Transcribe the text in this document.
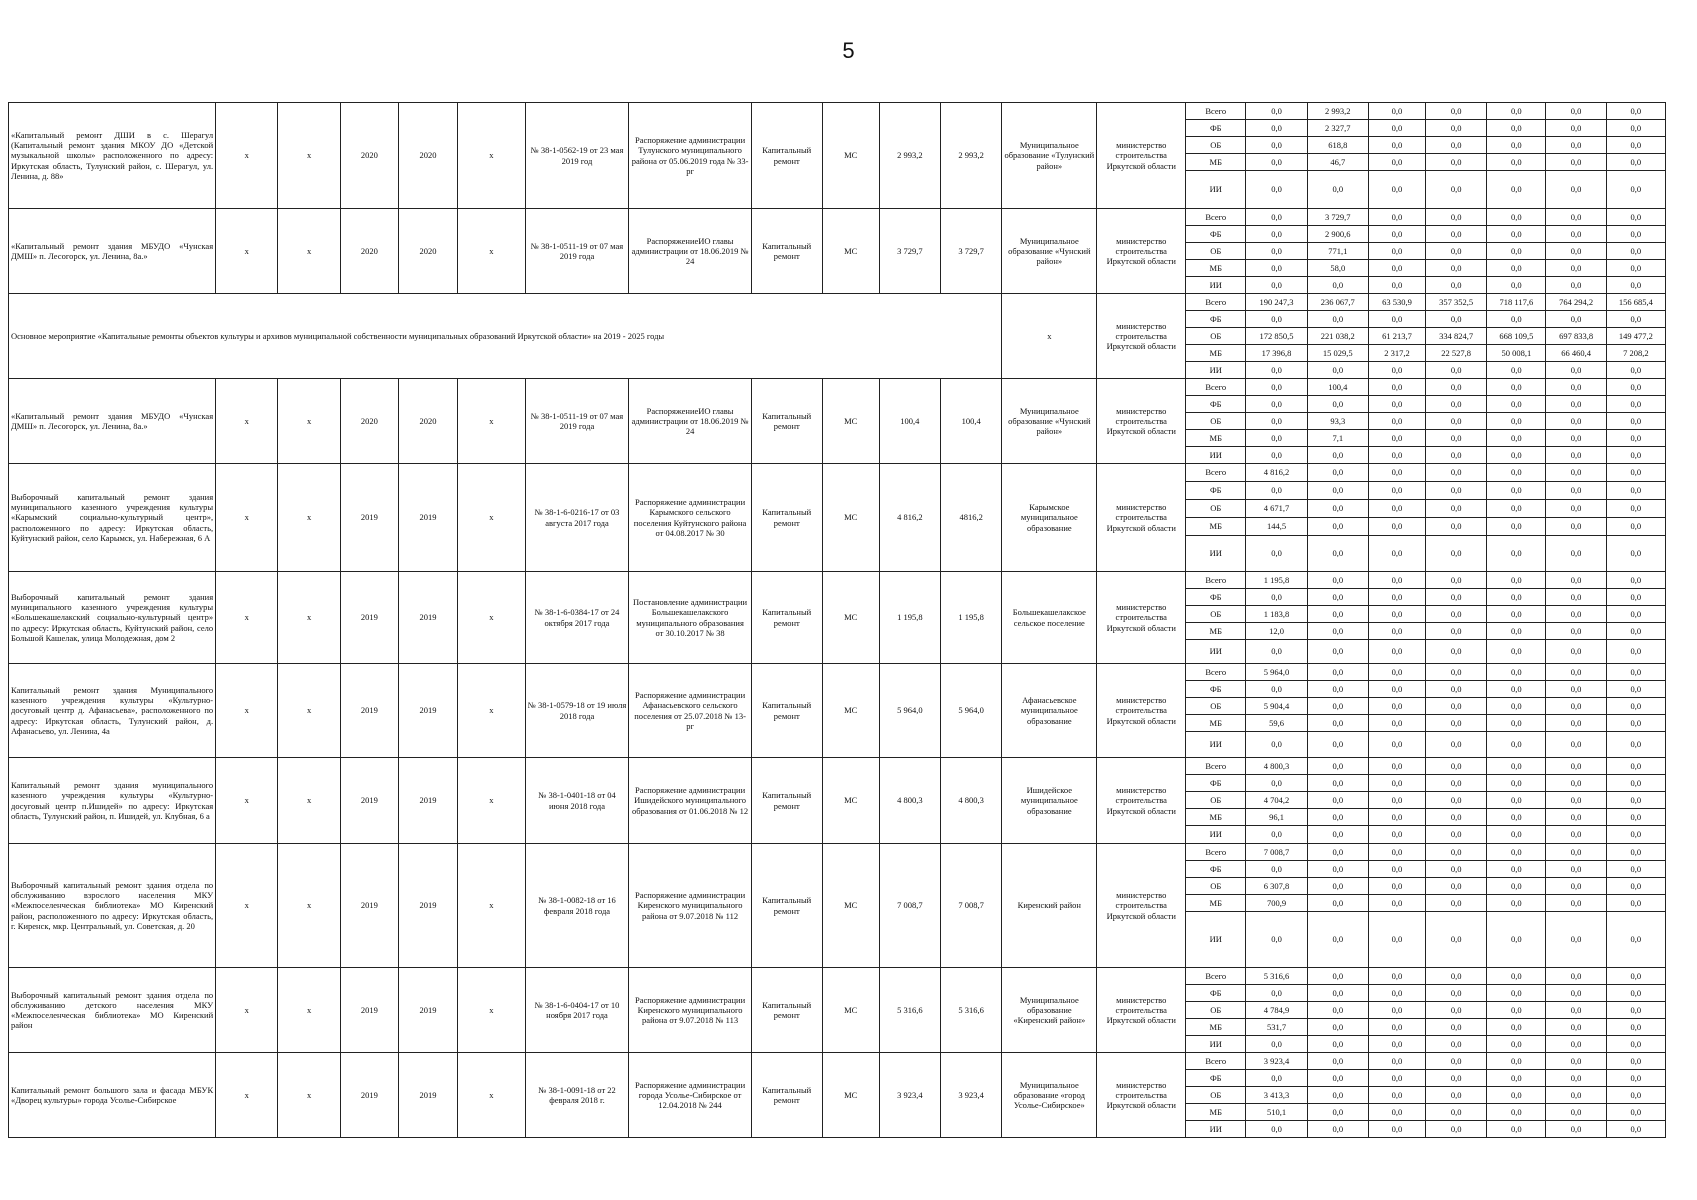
5
«Капитальный ремонт ДШИ в с. Шерагул (Капитальный ремонт здания МКОУ ДО «Детской музыкальной школы» расположенного по адресу: Иркутская область, Тулунский район, с. Шерагул, ул. Ленина, д. 88»	х	х	2020	2020	х	№ 38-1-0562-19 от 23 мая 2019 год	Распоряжение администрации Тулунского муниципального района от 05.06.2019 года № 33-рг	Капитальный ремонт	МС	2 993,2	2 993,2	Муниципальное образование «Тулунский район»	министерство строительства Иркутской области	Всего	0,0	2 993,2	0,0	0,0	0,0	0,0	0,0
														ФБ	0,0	2 327,7	0,0	0,0	0,0	0,0	0,0
														ОБ	0,0	618,8	0,0	0,0	0,0	0,0	0,0
														МБ	0,0	46,7	0,0	0,0	0,0	0,0	0,0
														ИИ	0,0	0,0	0,0	0,0	0,0	0,0	0,0
«Капитальный ремонт здания МБУДО «Чунская ДМШ» п. Лесогорск, ул. Ленина, 8а.»	х	х	2020	2020	х	№ 38-1-0511-19 от 07 мая 2019 года	РаспоряжениеИО главы администрации от 18.06.2019 № 24	Капитальный ремонт	МС	3 729,7	3 729,7	Муниципальное образование «Чунский район»	министерство строительства Иркутской области	Всего	0,0	3 729,7	0,0	0,0	0,0	0,0	0,0
														ФБ	0,0	2 900,6	0,0	0,0	0,0	0,0	0,0
														ОБ	0,0	771,1	0,0	0,0	0,0	0,0	0,0
														МБ	0,0	58,0	0,0	0,0	0,0	0,0	0,0
														ИИ	0,0	0,0	0,0	0,0	0,0	0,0	0,0
Основное мероприятие «Капитальные ремонты объектов культуры и архивов муниципальной собственности муниципальных образований Иркутской области» на 2019 - 2025 годы												х	министерство строительства Иркутской области	Всего	190 247,3	236 067,7	63 530,9	357 352,5	718 117,6	764 294,2	156 685,4
														ФБ	0,0	0,0	0,0	0,0	0,0	0,0	0,0
														ОБ	172 850,5	221 038,2	61 213,7	334 824,7	668 109,5	697 833,8	149 477,2
														МБ	17 396,8	15 029,5	2 317,2	22 527,8	50 008,1	66 460,4	7 208,2
														ИИ	0,0	0,0	0,0	0,0	0,0	0,0	0,0
«Капитальный ремонт здания МБУДО «Чунская ДМШ» п. Лесогорск, ул. Ленина, 8а.»	х	х	2020	2020	х	№ 38-1-0511-19 от 07 мая 2019 года	РаспоряжениеИО главы администрации от 18.06.2019 № 24	Капитальный ремонт	МС	100,4	100,4	Муниципальное образование «Чунский район»	министерство строительства Иркутской области	Всего	0,0	100,4	0,0	0,0	0,0	0,0	0,0
														ФБ	0,0	0,0	0,0	0,0	0,0	0,0	0,0
														ОБ	0,0	93,3	0,0	0,0	0,0	0,0	0,0
														МБ	0,0	7,1	0,0	0,0	0,0	0,0	0,0
														ИИ	0,0	0,0	0,0	0,0	0,0	0,0	0,0
Выборочный капитальный ремонт здания муниципального казенного учреждения культуры «Карымский социально-культурный центр», расположенного по адресу: Иркутская область, Куйтунский район, село Карымск, ул. Набережная, 6 А	х	х	2019	2019	х	№ 38-1-6-0216-17 от 03 августа 2017 года	Распоряжение администрации Карымского сельского поселения Куйтунского района от 04.08.2017 № 30	Капитальный ремонт	МС	4 816,2	4816,2	Карымское муниципальное образование	министерство строительства Иркутской области	Всего	4 816,2	0,0	0,0	0,0	0,0	0,0	0,0
														ФБ	0,0	0,0	0,0	0,0	0,0	0,0	0,0
														ОБ	4 671,7	0,0	0,0	0,0	0,0	0,0	0,0
														МБ	144,5	0,0	0,0	0,0	0,0	0,0	0,0
														ИИ	0,0	0,0	0,0	0,0	0,0	0,0	0,0
Выборочный капитальный ремонт здания муниципального казенного учреждения культуры «Большекашелакский социально-культурный центр» по адресу: Иркутская область, Куйтунский район, село Большой Кашелак, улица Молодежная, дом 2	х	х	2019	2019	х	№ 38-1-6-0384-17 от 24 октября 2017 года	Постановление администрации Большекашелакского муниципального образования от 30.10.2017 № 38	Капитальный ремонт	МС	1 195,8	1 195,8	Большекашелакское сельское поселение	министерство строительства Иркутской области	Всего	1 195,8	0,0	0,0	0,0	0,0	0,0	0,0
														ФБ	0,0	0,0	0,0	0,0	0,0	0,0	0,0
														ОБ	1 183,8	0,0	0,0	0,0	0,0	0,0	0,0
														МБ	12,0	0,0	0,0	0,0	0,0	0,0	0,0
														ИИ	0,0	0,0	0,0	0,0	0,0	0,0	0,0
Капитальный ремонт здания Муниципального казенного учреждения культуры «Культурно-досуговый центр д. Афанасьева», расположенного по адресу: Иркутская область, Тулунский район, д. Афанасьево, ул. Ленина, 4а	х	х	2019	2019	х	№ 38-1-0579-18 от 19 июля 2018 года	Распоряжение администрации Афанасьевского сельского поселения от 25.07.2018 № 13-рг	Капитальный ремонт	МС	5 964,0	5 964,0	Афанасьевское муниципальное образование	министерство строительства Иркутской области	Всего	5 964,0	0,0	0,0	0,0	0,0	0,0	0,0
														ФБ	0,0	0,0	0,0	0,0	0,0	0,0	0,0
														ОБ	5 904,4	0,0	0,0	0,0	0,0	0,0	0,0
														МБ	59,6	0,0	0,0	0,0	0,0	0,0	0,0
														ИИ	0,0	0,0	0,0	0,0	0,0	0,0	0,0
Капитальный ремонт здания муниципального казенного учреждения культуры «Культурно-досуговый центр п.Ишидей» по адресу: Иркутская область, Тулунский район, п. Ишидей, ул. Клубная, 6 а	х	х	2019	2019	х	№ 38-1-0401-18 от 04 июня 2018 года	Распоряжение администрации Ишидейского муниципального образования от 01.06.2018 № 12	Капитальный ремонт	МС	4 800,3	4 800,3	Ишидейское муниципальное образование	министерство строительства Иркутской области	Всего	4 800,3	0,0	0,0	0,0	0,0	0,0	0,0
														ФБ	0,0	0,0	0,0	0,0	0,0	0,0	0,0
														ОБ	4 704,2	0,0	0,0	0,0	0,0	0,0	0,0
														МБ	96,1	0,0	0,0	0,0	0,0	0,0	0,0
														ИИ	0,0	0,0	0,0	0,0	0,0	0,0	0,0
Выборочный капитальный ремонт здания отдела по обслуживанию взрослого населения МКУ «Межпоселенческая библиотека» МО Киренский район, расположенного по адресу: Иркутская область, г. Киренск, мкр. Центральный, ул. Советская, д. 20	х	х	2019	2019	х	№ 38-1-0082-18 от 16 февраля 2018 года	Распоряжение администрации Киренского муниципального района от 9.07.2018 № 112	Капитальный ремонт	МС	7 008,7	7 008,7	Киренский район	министерство строительства Иркутской области	Всего	7 008,7	0,0	0,0	0,0	0,0	0,0	0,0
														ФБ	0,0	0,0	0,0	0,0	0,0	0,0	0,0
														ОБ	6 307,8	0,0	0,0	0,0	0,0	0,0	0,0
														МБ	700,9	0,0	0,0	0,0	0,0	0,0	0,0
														ИИ	0,0	0,0	0,0	0,0	0,0	0,0	0,0
Выборочный капитальный ремонт здания отдела по обслуживанию детского населения МКУ «Межпоселенческая библиотека» МО Киренский район	х	х	2019	2019	х	№ 38-1-6-0404-17 от 10 ноября 2017 года	Распоряжение администрации Киренского муниципального района от 9.07.2018 № 113	Капитальный ремонт	МС	5 316,6	5 316,6	Муниципальное образование «Киренский район»	министерство строительства Иркутской области	Всего	5 316,6	0,0	0,0	0,0	0,0	0,0	0,0
														ФБ	0,0	0,0	0,0	0,0	0,0	0,0	0,0
														ОБ	4 784,9	0,0	0,0	0,0	0,0	0,0	0,0
														МБ	531,7	0,0	0,0	0,0	0,0	0,0	0,0
														ИИ	0,0	0,0	0,0	0,0	0,0	0,0	0,0
Капитальный ремонт большого зала и фасада МБУК «Дворец культуры» города Усолье-Сибирское	х	х	2019	2019	х	№ 38-1-0091-18 от 22 февраля 2018 г.	Распоряжение администрации города Усолье-Сибирское от 12.04.2018 № 244	Капитальный ремонт	МС	3 923,4	3 923,4	Муниципальное образование «город Усолье-Сибирское»	министерство строительства Иркутской области	Всего	3 923,4	0,0	0,0	0,0	0,0	0,0	0,0
														ФБ	0,0	0,0	0,0	0,0	0,0	0,0	0,0
														ОБ	3 413,3	0,0	0,0	0,0	0,0	0,0	0,0
														МБ	510,1	0,0	0,0	0,0	0,0	0,0	0,0
														ИИ	0,0	0,0	0,0	0,0	0,0	0,0	0,0
